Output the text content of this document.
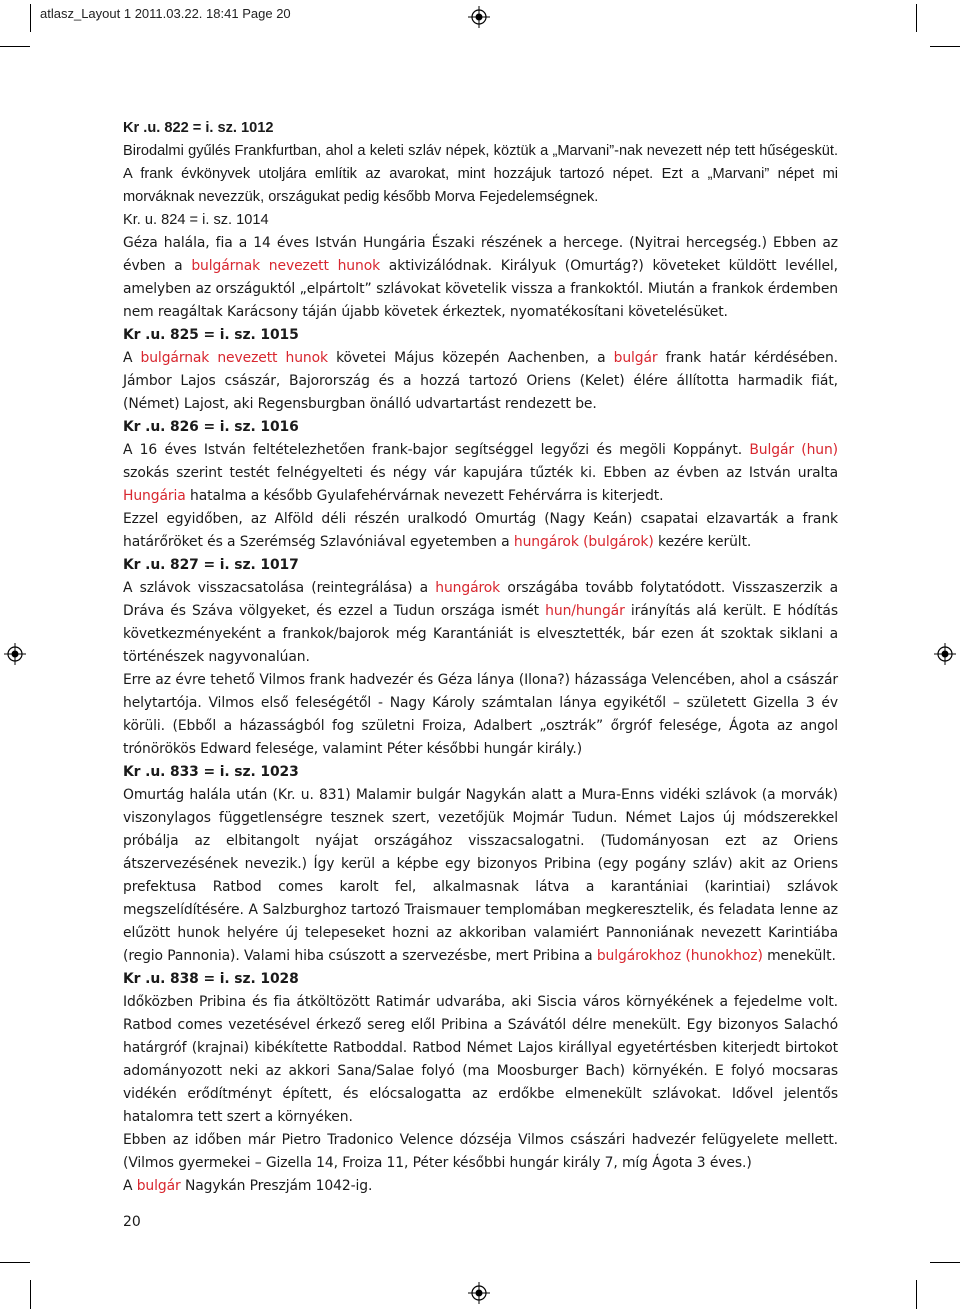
atlasz_Layout 1 2011.03.22. 18:41 Page 20

Kr .u. 822 = i. sz. 1012

Birodalmi gyűlés Frankfurtban, ahol a keleti szláv népek, köztük a „Marvani”-nak nevezett nép tett hűségesküt. A frank évkönyvek utoljára említik az avarokat, mint hozzájuk tartozó népet. Ezt a „Marvani” népet mi morváknak nevezzük, országukat pedig később Morva Fejedelemségnek.

Kr. u. 824 = i. sz. 1014

Géza halála, fia a 14 éves István Hungária Északi részének a hercege. (Nyitrai hercegség.) Ebben az évben a bulgárnak nevezett hunok aktivizálódnak. Királyuk (Omurtág?) követeket küldött levéllel, amelyben az országuktól „elpártolt” szlávokat követelik vissza a frankoktól. Miután a frankok érdemben nem reagáltak Karácsony táján újabb követek érkeztek, nyomatékosítani követelésüket.

Kr .u. 825 = i. sz. 1015

A bulgárnak nevezett hunok követei Május közepén Aachenben, a bulgár frank határ kérdésében. Jámbor Lajos császár, Bajorország és a hozzá tartozó Oriens (Kelet) élére állította harmadik fiát, (Német) Lajost, aki Regensburgban önálló udvartartást rendezett be.

Kr .u. 826 = i. sz. 1016

A 16 éves István feltételezhetően frank-bajor segítséggel legyőzi és megöli Koppányt. Bulgár (hun) szokás szerint testét felnégyelteti és négy vár kapujára tűzték ki. Ebben az évben az István uralta Hungária hatalma a később Gyulafehérvárnak nevezett Fehérvárra is kiterjedt.

Ezzel egyidőben, az Alföld déli részén uralkodó Omurtág (Nagy Keán) csapatai elzavarták a frank határőröket és a Szerémség Szlavóniával egyetemben a hungárok (bulgárok) kezére került.

Kr .u. 827 = i. sz. 1017

A szlávok visszacsatolása (reintegrálása) a hungárok országába tovább folytatódott. Visszaszerzik a Dráva és Száva völgyeket, és ezzel a Tudun országa ismét hun/hungár irányítás alá került. E hódítás következményeként a frankok/bajorok még Karantániát is elvesztették, bár ezen át szoktak siklani a történészek nagyvonalúan.

Erre az évre tehető Vilmos frank hadvezér és Géza lánya (Ilona?) házassága Velencében, ahol a császár helytartója. Vilmos első feleségétől - Nagy Károly számtalan lánya egyikétől – született Gizella 3 év körüli. (Ebből a házasságból fog születni Froiza, Adalbert „osztrák” őrgróf felesége, Ágota az angol trónörökös Edward felesége, valamint Péter későbbi hungár király.)

Kr .u. 833 = i. sz. 1023

Omurtág halála után (Kr. u. 831) Malamir bulgár Nagykán alatt a Mura-Enns vidéki szlávok (a morvák) viszonylagos függetlenségre tesznek szert, vezetőjük Mojmár Tudun. Német Lajos új módszerekkel próbálja az elbitangolt nyájat országához visszacsalogatni. (Tudományosan ezt az Oriens átszervezésének nevezik.) Így kerül a képbe egy bizonyos Pribina (egy pogány szláv) akit az Oriens prefektusa Ratbod comes karolt fel, alkalmasnak látva a karantániai (karintiai) szlávok megszelídítésére. A Salzburghoz tartozó Traismauer templomában megkeresztelik, és feladata lenne az elűzött hunok helyére új telepeseket hozni az akkoriban valamiért Pannoniának nevezett Karintiába (regio Pannonia). Valami hiba csúszott a szervezésbe, mert Pribina a bulgárokhoz (hunokhoz) menekült.

Kr .u. 838 = i. sz. 1028

Időközben Pribina és fia átköltözött Ratimár udvarába, aki Siscia város környékének a fejedelme volt. Ratbod comes vezetésével érkező sereg elől Pribina a Szávától délre menekült. Egy bizonyos Salachó határgróf (krajnai) kibékítette Ratboddal. Ratbod Német Lajos királlyal egyetértésben kiterjedt birtokot adományozott neki az akkori Sana/Salae folyó (ma Moosburger Bach) környékén. E folyó mocsaras vidékén erődítményt épített, és elócsalogatta az erdőkbe elmenekült szlávokat. Idővel jelentős hatalomra tett szert a környéken.

Ebben az időben már Pietro Tradonico Velence dózséja Vilmos császári hadvezér felügyelete mellett. (Vilmos gyermekei – Gizella 14, Froiza 11, Péter későbbi hungár király 7, míg Ágota 3 éves.)

A bulgár Nagykán Preszjám 1042-ig.

20
